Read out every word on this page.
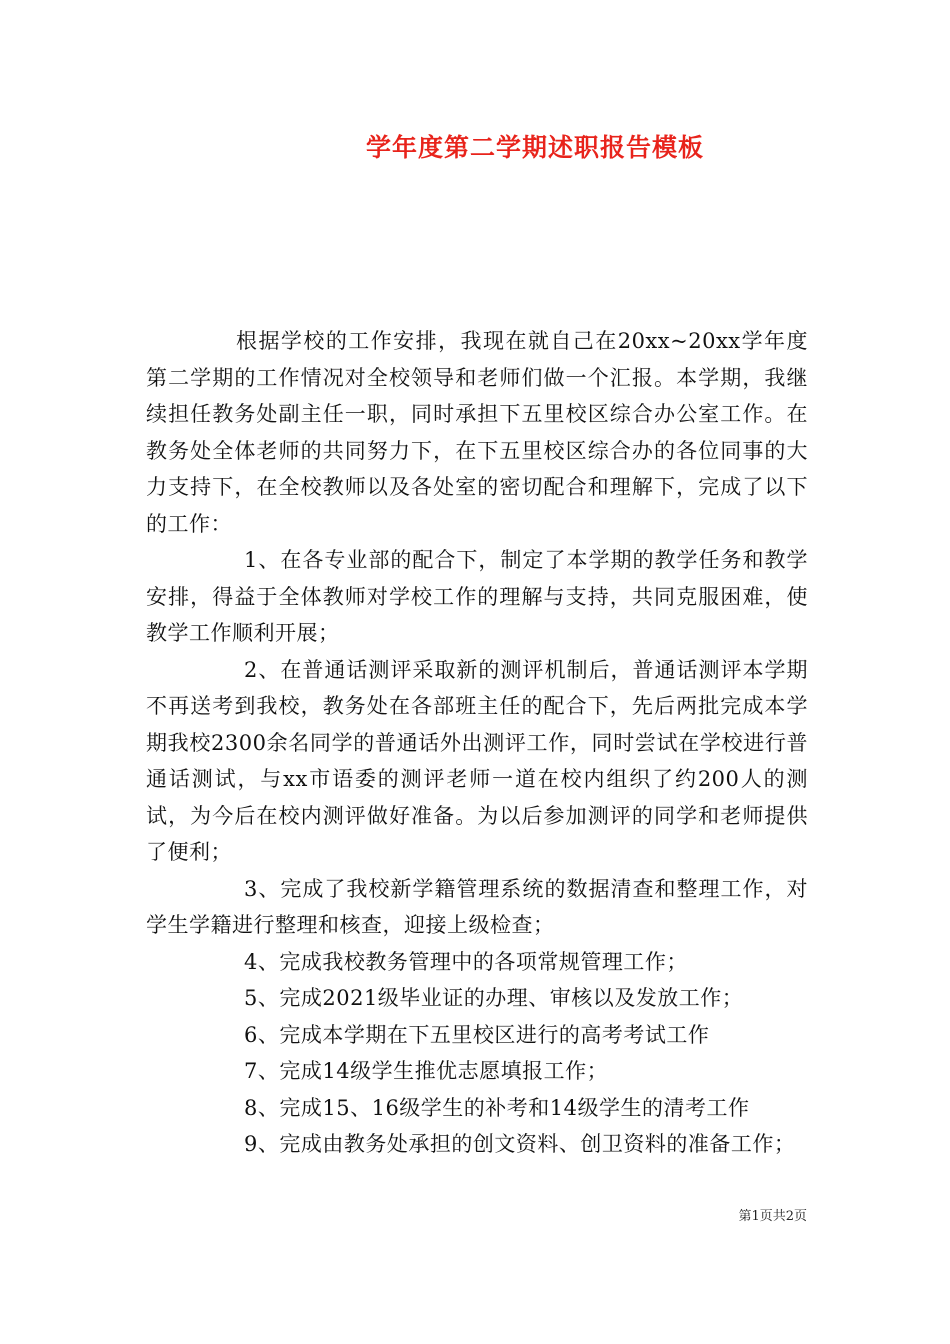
学年度第二学期述职报告模板

根据学校的工作安排，我现在就自己在20xx~20xx学年度第二学期的工作情况对全校领导和老师们做一个汇报。本学期，我继续担任教务处副主任一职，同时承担下五里校区综合办公室工作。在教务处全体老师的共同努力下，在下五里校区综合办的各位同事的大力支持下，在全校教师以及各处室的密切配合和理解下，完成了以下的工作：

1、在各专业部的配合下，制定了本学期的教学任务和教学安排，得益于全体教师对学校工作的理解与支持，共同克服困难，使教学工作顺利开展；

2、在普通话测评采取新的测评机制后，普通话测评本学期不再送考到我校，教务处在各部班主任的配合下，先后两批完成本学期我校2300余名同学的普通话外出测评工作，同时尝试在学校进行普通话测试，与xx市语委的测评老师一道在校内组织了约200人的测试，为今后在校内测评做好准备。为以后参加测评的同学和老师提供了便利；

3、完成了我校新学籍管理系统的数据清查和整理工作，对学生学籍进行整理和核查，迎接上级检查；

4、完成我校教务管理中的各项常规管理工作；

5、完成2021级毕业证的办理、审核以及发放工作；

6、完成本学期在下五里校区进行的高考考试工作

7、完成14级学生推优志愿填报工作；

8、完成15、16级学生的补考和14级学生的清考工作

9、完成由教务处承担的创文资料、创卫资料的准备工作；

第1页共2页
